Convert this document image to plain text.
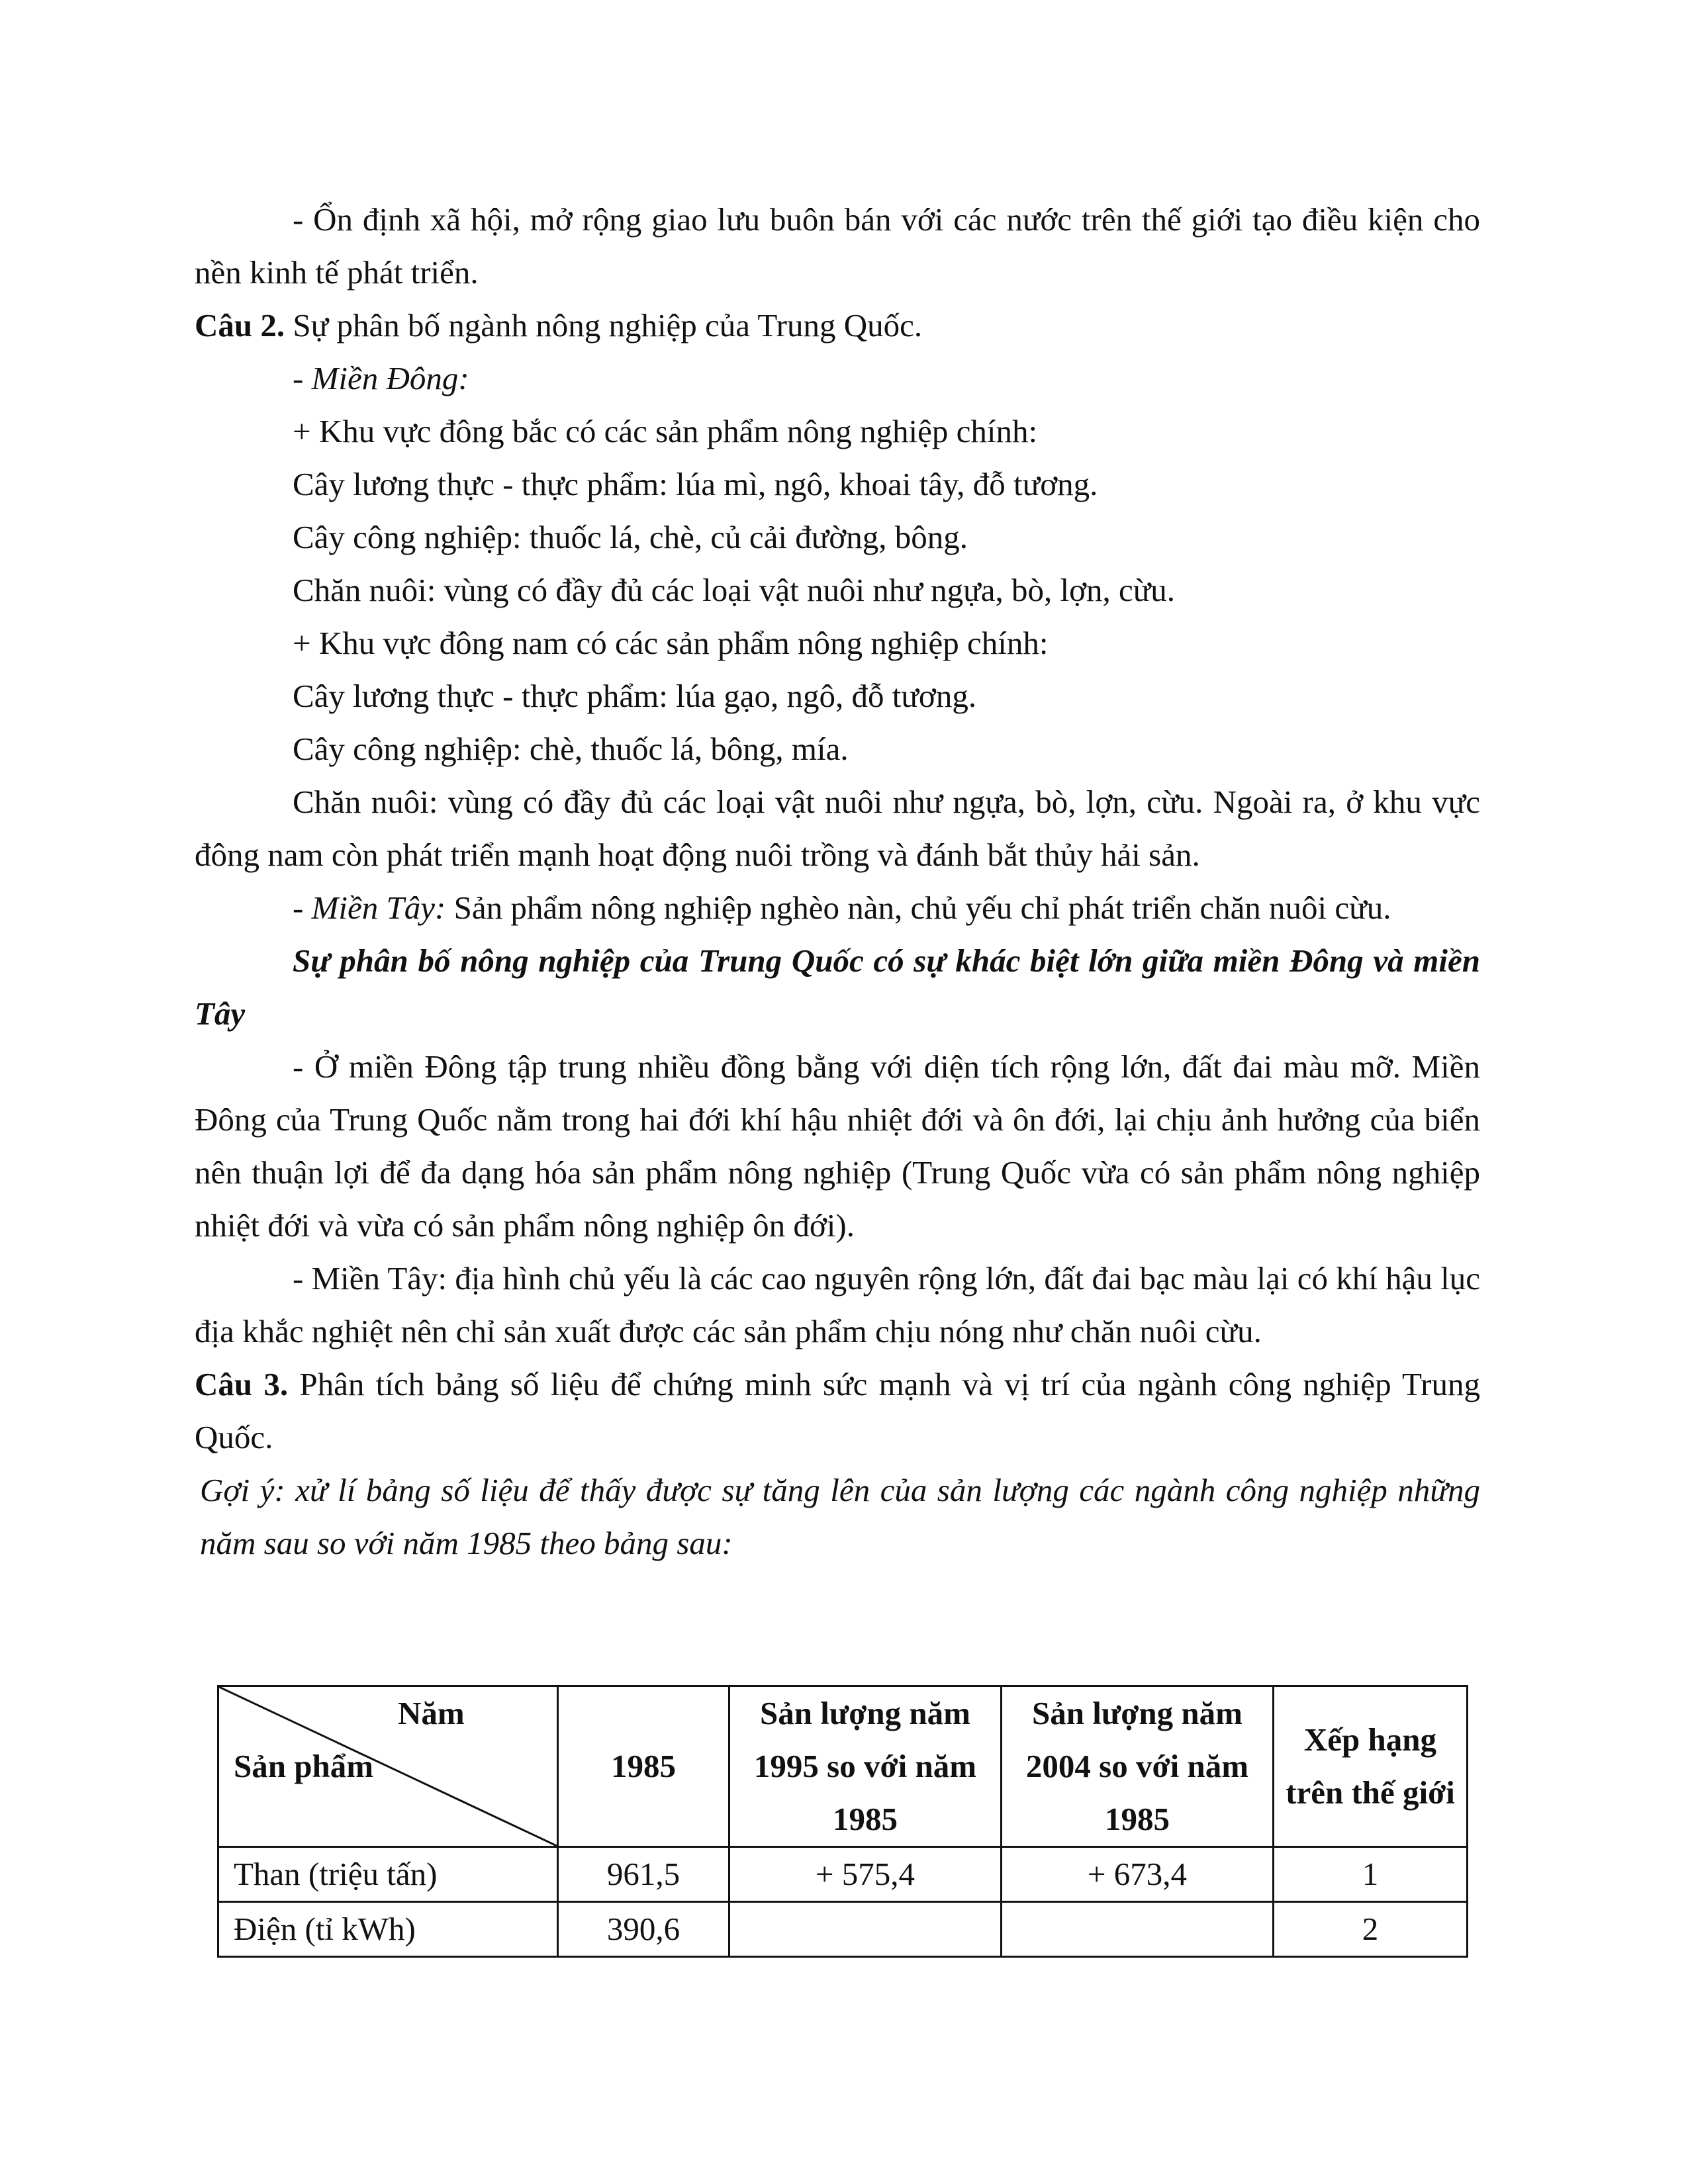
- Ổn định xã hội, mở rộng giao lưu buôn bán với các nước trên thế giới tạo điều kiện cho nền kinh tế phát triển.

Câu 2. Sự phân bố ngành nông nghiệp của Trung Quốc.

- Miền Đông:

+ Khu vực đông bắc có các sản phẩm nông nghiệp chính:

Cây lương thực - thực phẩm: lúa mì, ngô, khoai tây, đỗ tương.

Cây công nghiệp: thuốc lá, chè, củ cải đường, bông.

Chăn nuôi: vùng có đầy đủ các loại vật nuôi như ngựa, bò, lợn, cừu.

+ Khu vực đông nam có các sản phẩm nông nghiệp chính:

Cây lương thực - thực phẩm: lúa gạo, ngô, đỗ tương.

Cây công nghiệp: chè, thuốc lá, bông, mía.

Chăn nuôi: vùng có đầy đủ các loại vật nuôi như ngựa, bò, lợn, cừu. Ngoài ra, ở khu vực đông nam còn phát triển mạnh hoạt động nuôi trồng và đánh bắt thủy hải sản.

- Miền Tây: Sản phẩm nông nghiệp nghèo nàn, chủ yếu chỉ phát triển chăn nuôi cừu.

Sự phân bố nông nghiệp của Trung Quốc có sự khác biệt lớn giữa miền Đông và miền Tây

- Ở miền Đông tập trung nhiều đồng bằng với diện tích rộng lớn, đất đai màu mỡ. Miền Đông của Trung Quốc nằm trong hai đới khí hậu nhiệt đới và ôn đới, lại chịu ảnh hưởng của biển nên thuận lợi để đa dạng hóa sản phẩm nông nghiệp (Trung Quốc vừa có sản phẩm nông nghiệp nhiệt đới và vừa có sản phẩm nông nghiệp ôn đới).

- Miền Tây: địa hình chủ yếu là các cao nguyên rộng lớn, đất đai bạc màu lại có khí hậu lục địa khắc nghiệt nên chỉ sản xuất được các sản phẩm chịu nóng như chăn nuôi cừu.

Câu 3. Phân tích bảng số liệu để chứng minh sức mạnh và vị trí của ngành công nghiệp Trung Quốc.

Gợi ý: xử lí bảng số liệu để thấy được sự tăng lên của sản lượng các ngành công nghiệp những năm sau so với năm 1985 theo bảng sau:

Năm
Sản phẩm	1985	Sản lượng năm 1995 so với năm 1985	Sản lượng năm 2004 so với năm 1985	Xếp hạng trên thế giới
Than (triệu tấn)	961,5	+ 575,4	+ 673,4	1
Điện (tỉ kWh)	390,6			2
